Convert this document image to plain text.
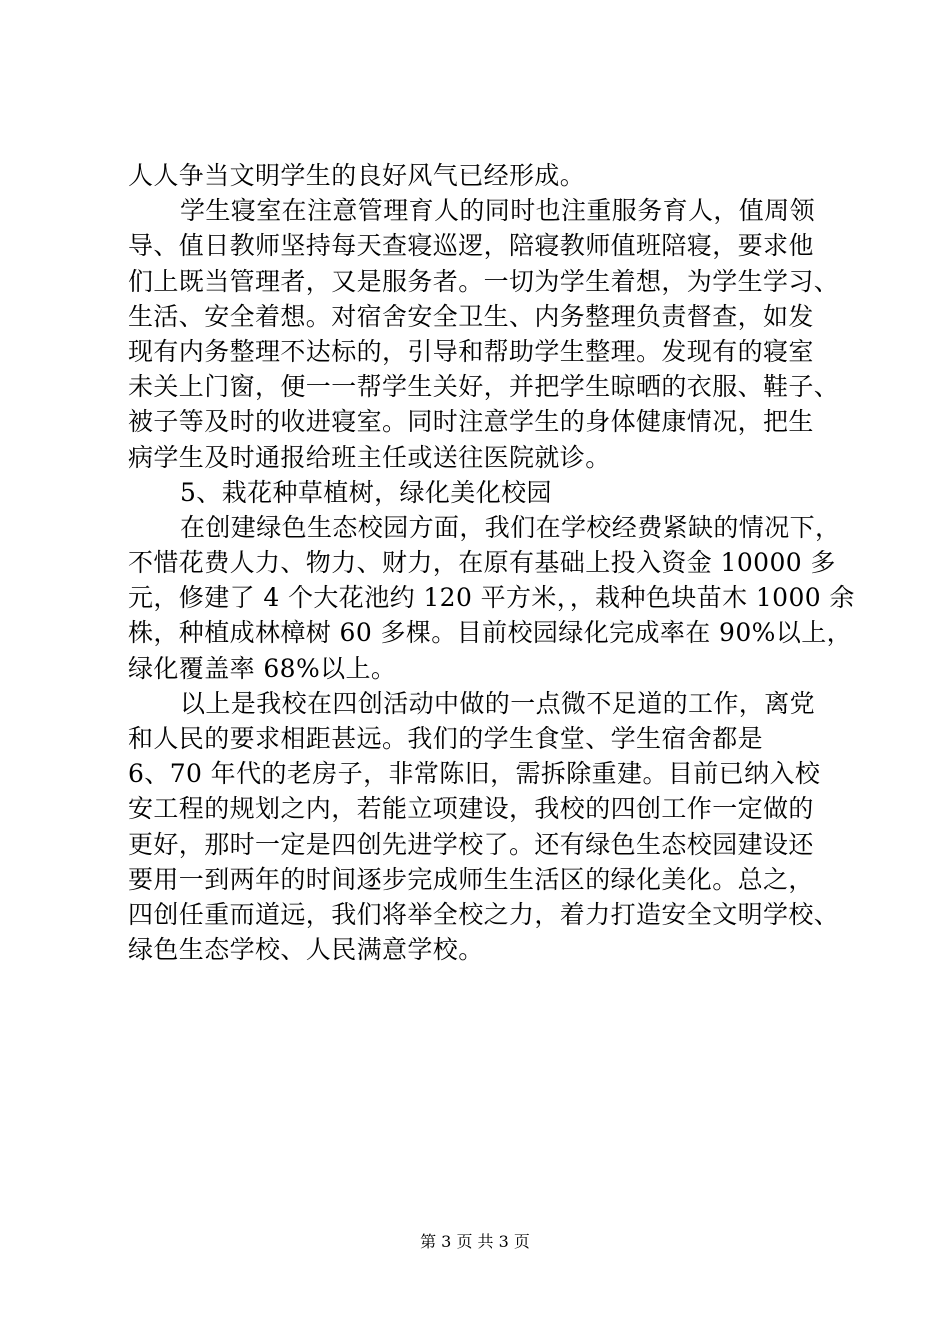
人人争当文明学生的良好风气已经形成。
学生寝室在注意管理育人的同时也注重服务育人，值周领
导、值日教师坚持每天查寝巡逻，陪寝教师值班陪寝，要求他
们上既当管理者，又是服务者。一切为学生着想，为学生学习、
生活、安全着想。对宿舍安全卫生、内务整理负责督查，如发
现有内务整理不达标的，引导和帮助学生整理。发现有的寝室
未关上门窗，便一一帮学生关好，并把学生晾晒的衣服、鞋子、
被子等及时的收进寝室。同时注意学生的身体健康情况，把生
病学生及时通报给班主任或送往医院就诊。
5、栽花种草植树，绿化美化校园
在创建绿色生态校园方面，我们在学校经费紧缺的情况下，
不惜花费人力、物力、财力，在原有基础上投入资金 10000 多
元，修建了 4 个大花池约 120 平方米，，栽种色块苗木 1000 余
株，种植成林樟树 60 多棵。目前校园绿化完成率在 90%以上，
绿化覆盖率 68%以上。
以上是我校在四创活动中做的一点微不足道的工作，离党
和人民的要求相距甚远。我们的学生食堂、学生宿舍都是
6、70 年代的老房子，非常陈旧，需拆除重建。目前已纳入校
安工程的规划之内，若能立项建设，我校的四创工作一定做的
更好，那时一定是四创先进学校了。还有绿色生态校园建设还
要用一到两年的时间逐步完成师生生活区的绿化美化。总之，
四创任重而道远，我们将举全校之力，着力打造安全文明学校、
绿色生态学校、人民满意学校。
第 3 页 共 3 页
